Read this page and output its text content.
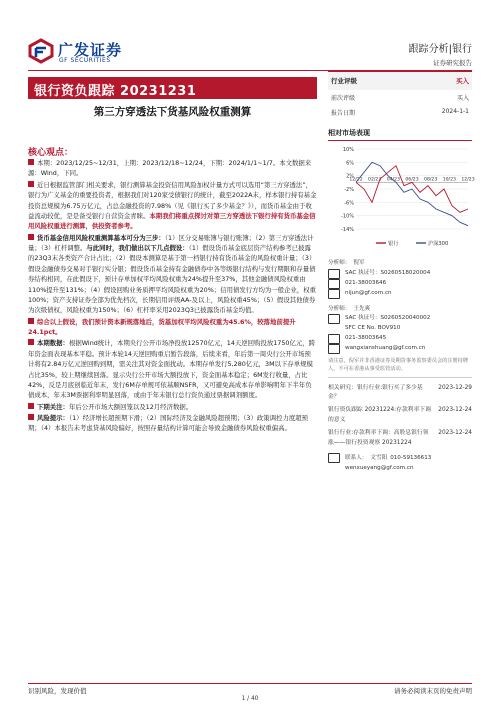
广发证券
GF SECURITIES
跟踪分析|银行
证券研究报告
银行资负跟踪 20231231
第三方穿透法下货基风险权重测算
核心观点：

本期：2023/12/25~12/31，上期：2023/12/18~12/24，下期：2024/1/1~1/7。本文数据来源：Wind，下同。

近日根据监管部门相关要求，银行测算基金投资信用风险加权计量方式可以选用“第三方穿透法”，银行为广义基金的重要投资者，根据我们对120家受债银行的统计，截至2022A末，样本银行持有基金投资总规模为6.75万亿元，占总金融投资的7.98%（见《银行买了多少基金？》），而货币基金由于收益流动较优，是是备受银行自营资金青睐。本期我们将重点探讨对第三方穿透法下银行持有货币基金信用风险权重进行测算，供投资者参考。

货币基金信用风险权重测算基本可分为三步：（1）区分交易账簿与银行账簿；（2）第三方穿透法计量；（3）杠杆调整。与此同时，我们做出以下几点假设：（1）假设货币基金底层资产结构参考已披露的23Q3末各类资产合计占比；（2）假设本测算是基于第一档银行持有货币基金的风险权重计量；（3）假设金融债券交易对手银行实分银；假设货币基金持有金融债券中各等级银行结构与发行期限和存量债券结构相同，在此假设下，预计存单加权平均风险权重为24%提升至37%，其他金融债风险权重由110%提升至131%；（4）假设回购业务质押平均风险权重为20%；信用债发行方均为一般企业，权重100%；资产支持证券全部为优先档次，长期信用评级AA-及以上，风险权重45%；（5）假设其他债券为次级债权，风险权重为150%；（6）杠杆率采用2023Q3已披露货币基金均值。

综合以上假设，我们预计资本新规落地后，货基加权平均风险权重为45.6%，较落地前提升24.1pct。

本期数据：根据Wind统计，本期央行公开市场净投放12570亿元，14天逆回购投放1750亿元，跨年资金面表现基本平稳。预计本轮14天逆回购重启暂告段落，后续来看，年后第一周央行公开市场预计将有2.84万亿元逆回购到期，需关注其对资金面扰动。本期存单发行5,280亿元，3M以下存单规模占比35%，较上期继续回落。显示央行公开市场大额投放下，资金面基本稳定；6M发行收量，占比42%，反是月底创临近年末，发行6M存单规可依基顺NSFR，又可避免高成本存单影响明年下半年负债成本，年末3M票据利率明显回落，或由于年末银行总行资负通过票据调剂额度。

下期关注：年后公开市场大额回笼以及12月经济数据。

风险提示：（1）经济增长超预期下滑；（2）国际经济及金融风险超预期；（3）政策调控力度超预期；（4）本报告未考虑贷基风险偏好，按照存量结构计算可能会导致金融债券风险权重偏高。

行业评级	买入
前次评级	买入
报告日期	2024-1-1
相对市场表现
10%
6%
2%
-2%
-6%
-10%
-14%
12/22 02/23 04/23 06/23 08/23 10/23 12/23
银行	沪深300
分析师： 倪军
SAC 执证号：S0260518020004
021-38003646
nijun@gf.com.cn
分析师： 王先爽
SAC 执证号：S0260520040002
SFC CE No. BOV910
021-38003645
wangxianshuang@gf.com.cn
请注意，倪军并非香港证券及期货事务监察委员会的注册持牌人，不可在香港从事受监管活动。
相关研究：银行行业:银行买了多少基金？
2023-12-29
银行资负跟踪 20231224:存款利率下调的意义
2023-12-24
银行行业:存款利率下调：高股息银行领涨——银行投资观察 20231224
2023-12-24
联系人： 文雪阳 010-59136613
wenxueyang@gf.com.cn
识别风险，发现价值	请务必阅读末页的免责声明
1 / 40
